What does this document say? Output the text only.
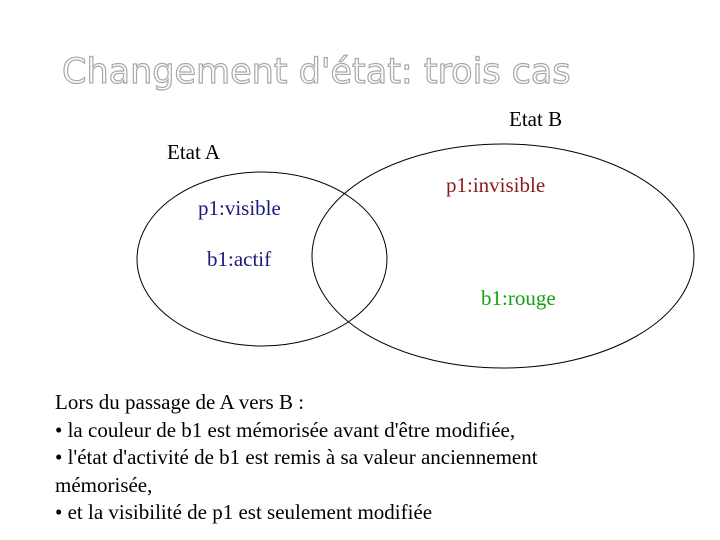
Changement d'état: trois cas
Etat B
Etat A
p1:invisible
p1:visible
b1:actif
b1:rouge
Lors du passage de A vers B :
• la couleur de b1 est mémorisée avant d'être modifiée,
• l'état d'activité de b1 est remis à sa valeur anciennement
mémorisée,
• et la visibilité de p1 est seulement modifiée
